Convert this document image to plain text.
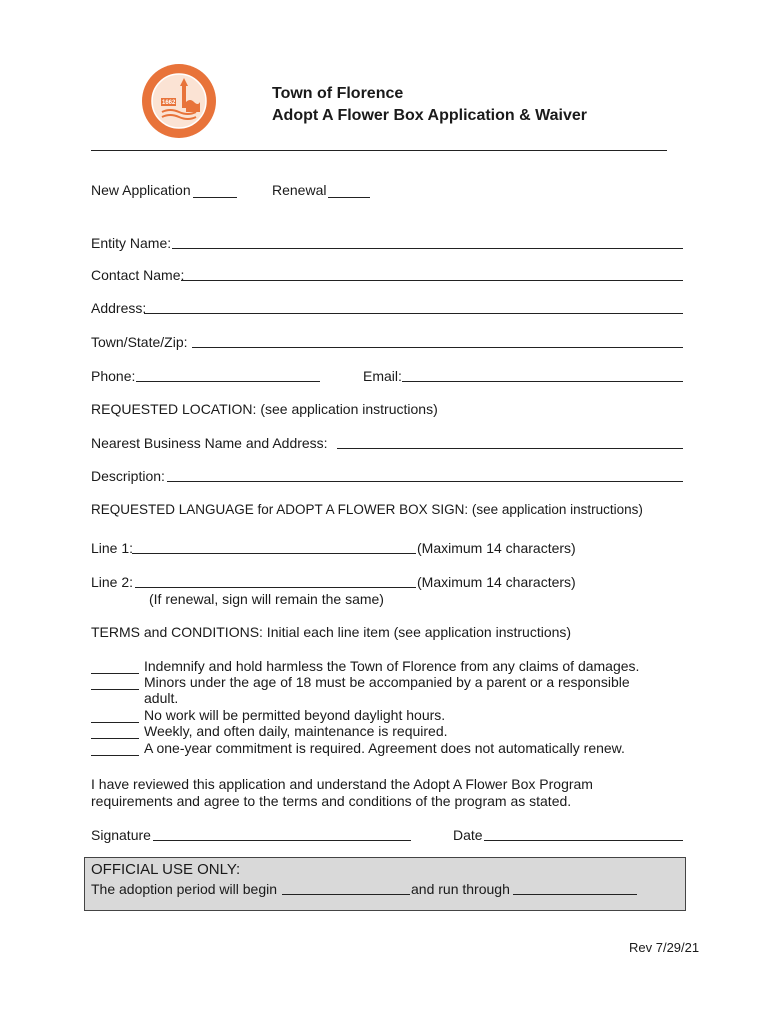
1662
Town of Florence
Adopt A Flower Box Application & Waiver
New Application	Renewal
Entity Name:
Contact Name:
Address:
Town/State/Zip:
Phone:	Email:
REQUESTED LOCATION: (see application instructions)
Nearest Business Name and Address:
Description:
REQUESTED LANGUAGE for ADOPT A FLOWER BOX SIGN: (see application instructions)
Line 1:	(Maximum 14 characters)
Line 2:	(Maximum 14 characters)
(If renewal, sign will remain the same)
TERMS and CONDITIONS: Initial each line item (see application instructions)
Indemnify and hold harmless the Town of Florence from any claims of damages.
Minors under the age of 18 must be accompanied by a parent or a responsible
adult.
No work will be permitted beyond daylight hours.
Weekly, and often daily, maintenance is required.
A one-year commitment is required. Agreement does not automatically renew.
I have reviewed this application and understand the Adopt A Flower Box Program
requirements and agree to the terms and conditions of the program as stated.
Signature	Date
OFFICIAL USE ONLY:
The adoption period will begin	and run through
Rev 7/29/21
